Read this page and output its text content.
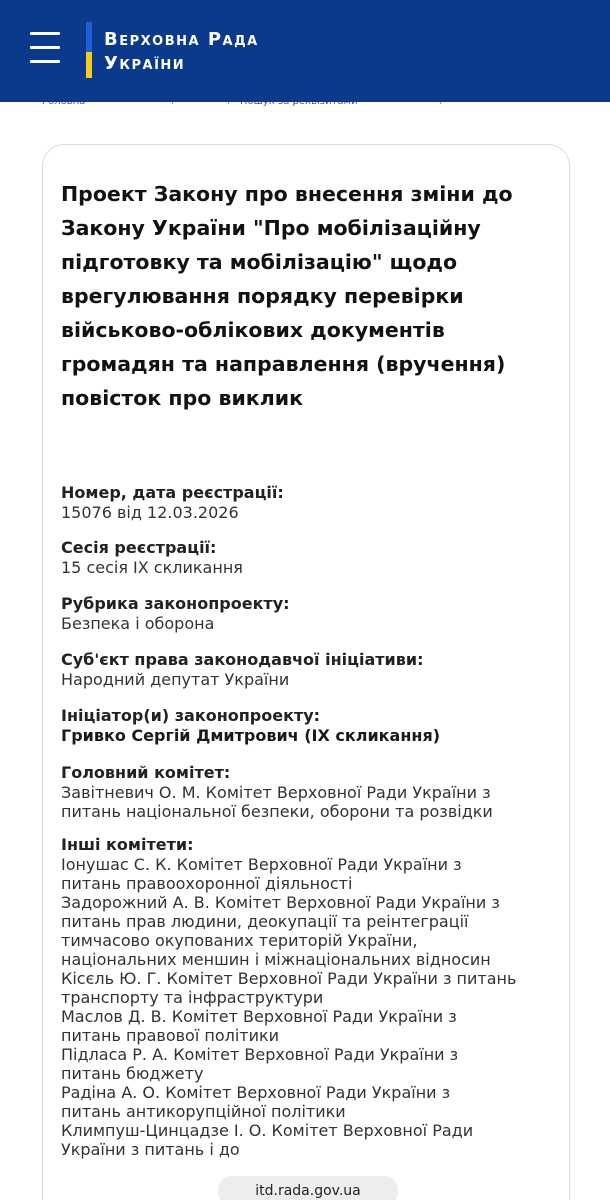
Верховна Рада
України
Проект Закону про внесення зміни до Закону України "Про мобілізаційну підготовку та мобілізацію" щодо врегулювання порядку перевірки військово-облікових документів громадян та направлення (вручення) повісток про виклик
Номер, дата реєстрації:
15076 від 12.03.2026
Сесія реєстрації:
15 сесія IX скликання
Рубрика законопроекту:
Безпека і оборона
Суб'єкт права законодавчої ініціативи:
Народний депутат України
Ініціатор(и) законопроекту:
Гривко Сергій Дмитрович (IX скликання)
Головний комітет:
Завітневич О. М. Комітет Верховної Ради України з
питань національної безпеки, оборони та розвідки
Інші комітети:
Іонушас С. К. Комітет Верховної Ради України з
питань правоохоронної діяльності
Задорожний А. В. Комітет Верховної Ради України з
питань прав людини, деокупації та реінтеграції
тимчасово окупованих територій України,
національних меншин і міжнаціональних відносин
Кісєль Ю. Г. Комітет Верховної Ради України з питань
транспорту та інфраструктури
Маслов Д. В. Комітет Верховної Ради України з
питань правової політики
Підласа Р. А. Комітет Верховної Ради України з
питань бюджету
Радіна А. О. Комітет Верховної Ради України з
питань антикорупційної політики
Климпуш-Цинцадзе І. О. Комітет Верховної Ради
України з питань і до
itd.rada.gov.ua
